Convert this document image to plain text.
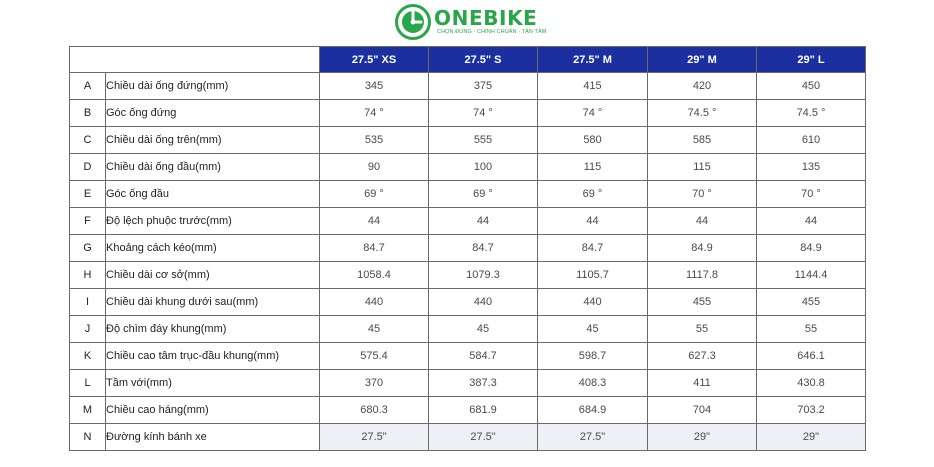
ONEBIKE
CHỌN ĐÚNG · CHÍNH CHUẨN · TẬN TÂM
		27.5" XS	27.5" S	27.5" M	29" M	29" L
A	Chiều dài ống đứng(mm)	345	375	415	420	450
B	Góc ống đứng	74 °	74 °	74 °	74.5 °	74.5 °
C	Chiều dài ống trên(mm)	535	555	580	585	610
D	Chiều dài ống đầu(mm)	90	100	115	115	135
E	Góc ống đầu	69 °	69 °	69 °	70 °	70 °
F	Độ lệch phuộc trước(mm)	44	44	44	44	44
G	Khoảng cách kéo(mm)	84.7	84.7	84.7	84.9	84.9
H	Chiều dài cơ sở(mm)	1058.4	1079.3	1105.7	1117.8	1144.4
I	Chiều dài khung dưới sau(mm)	440	440	440	455	455
J	Độ chìm đáy khung(mm)	45	45	45	55	55
K	Chiều cao tâm trục-đầu khung(mm)	575.4	584.7	598.7	627.3	646.1
L	Tầm với(mm)	370	387.3	408.3	411	430.8
M	Chiều cao háng(mm)	680.3	681.9	684.9	704	703.2
N	Đường kính bánh xe	27.5"	27.5"	27.5"	29"	29"
